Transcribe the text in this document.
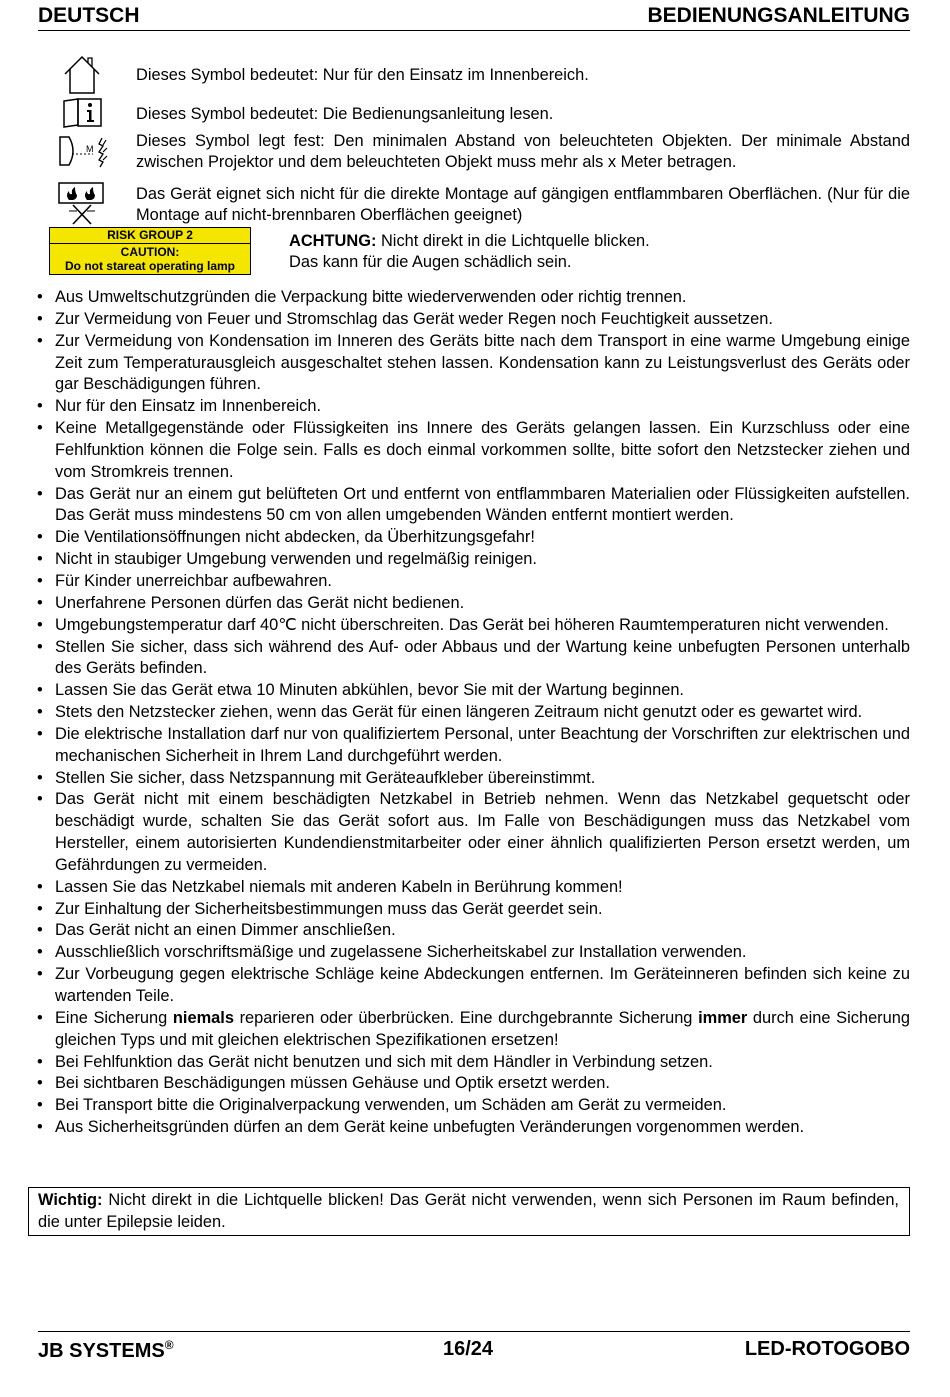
DEUTSCH	BEDIENUNGSANLEITUNG
Dieses Symbol bedeutet: Nur für den Einsatz im Innenbereich.
Dieses Symbol bedeutet: Die Bedienungsanleitung lesen.
M	Dieses Symbol legt fest: Den minimalen Abstand von beleuchteten Objekten. Der minimale Abstand zwischen Projektor und dem beleuchteten Objekt muss mehr als x Meter betragen.
Das Gerät eignet sich nicht für die direkte Montage auf gängigen entflammbaren Oberflächen. (Nur für die Montage auf nicht-brennbaren Oberflächen geeignet)
RISK GROUP 2
CAUTION:
Do not stareat operating lamp
ACHTUNG: Nicht direkt in die Lichtquelle blicken.
Das kann für die Augen schädlich sein.
• Aus Umweltschutzgründen die Verpackung bitte wiederverwenden oder richtig trennen.
• Zur Vermeidung von Feuer und Stromschlag das Gerät weder Regen noch Feuchtigkeit aussetzen.
• Zur Vermeidung von Kondensation im Inneren des Geräts bitte nach dem Transport in eine warme Umgebung einige Zeit zum Temperaturausgleich ausgeschaltet stehen lassen. Kondensation kann zu Leistungsverlust des Geräts oder gar Beschädigungen führen.
• Nur für den Einsatz im Innenbereich.
• Keine Metallgegenstände oder Flüssigkeiten ins Innere des Geräts gelangen lassen. Ein Kurzschluss oder eine Fehlfunktion können die Folge sein. Falls es doch einmal vorkommen sollte, bitte sofort den Netzstecker ziehen und vom Stromkreis trennen.
• Das Gerät nur an einem gut belüfteten Ort und entfernt von entflammbaren Materialien oder Flüssigkeiten aufstellen. Das Gerät muss mindestens 50 cm von allen umgebenden Wänden entfernt montiert werden.
• Die Ventilationsöffnungen nicht abdecken, da Überhitzungsgefahr!
• Nicht in staubiger Umgebung verwenden und regelmäßig reinigen.
• Für Kinder unerreichbar aufbewahren.
• Unerfahrene Personen dürfen das Gerät nicht bedienen.
• Umgebungstemperatur darf 40℃ nicht überschreiten. Das Gerät bei höheren Raumtemperaturen nicht verwenden.
• Stellen Sie sicher, dass sich während des Auf- oder Abbaus und der Wartung keine unbefugten Personen unterhalb des Geräts befinden.
• Lassen Sie das Gerät etwa 10 Minuten abkühlen, bevor Sie mit der Wartung beginnen.
• Stets den Netzstecker ziehen, wenn das Gerät für einen längeren Zeitraum nicht genutzt oder es gewartet wird.
• Die elektrische Installation darf nur von qualifiziertem Personal, unter Beachtung der Vorschriften zur elektrischen und mechanischen Sicherheit in Ihrem Land durchgeführt werden.
• Stellen Sie sicher, dass Netzspannung mit Geräteaufkleber übereinstimmt.
• Das Gerät nicht mit einem beschädigten Netzkabel in Betrieb nehmen. Wenn das Netzkabel gequetscht oder beschädigt wurde, schalten Sie das Gerät sofort aus. Im Falle von Beschädigungen muss das Netzkabel vom Hersteller, einem autorisierten Kundendienstmitarbeiter oder einer ähnlich qualifizierten Person ersetzt werden, um Gefährdungen zu vermeiden.
• Lassen Sie das Netzkabel niemals mit anderen Kabeln in Berührung kommen!
• Zur Einhaltung der Sicherheitsbestimmungen muss das Gerät geerdet sein.
• Das Gerät nicht an einen Dimmer anschließen.
• Ausschließlich vorschriftsmäßige und zugelassene Sicherheitskabel zur Installation verwenden.
• Zur Vorbeugung gegen elektrische Schläge keine Abdeckungen entfernen. Im Geräteinneren befinden sich keine zu wartenden Teile.
• Eine Sicherung niemals reparieren oder überbrücken. Eine durchgebrannte Sicherung immer durch eine Sicherung gleichen Typs und mit gleichen elektrischen Spezifikationen ersetzen!
• Bei Fehlfunktion das Gerät nicht benutzen und sich mit dem Händler in Verbindung setzen.
• Bei sichtbaren Beschädigungen müssen Gehäuse und Optik ersetzt werden.
• Bei Transport bitte die Originalverpackung verwenden, um Schäden am Gerät zu vermeiden.
• Aus Sicherheitsgründen dürfen an dem Gerät keine unbefugten Veränderungen vorgenommen werden.
Wichtig: Nicht direkt in die Lichtquelle blicken! Das Gerät nicht verwenden, wenn sich Personen im Raum befinden, die unter Epilepsie leiden.
JB SYSTEMS®	16/24	LED-ROTOGOBO
